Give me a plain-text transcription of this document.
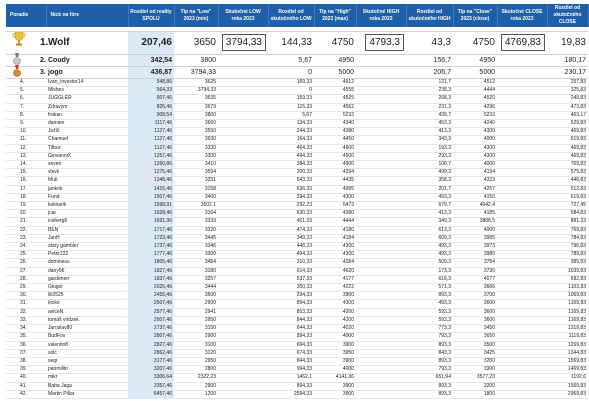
Poradie	Nick na fóre	Rozdiel od reality SPOLU	Tip na "Low" 2023 (min)	Skutočné LOW roka 2023	Rozdiel od skutočného LOW	Tip na "High" 2023 (max)	Skutočné HIGH roka 2023	Rozdiel od skutočného HIGH	Tip na "Close" 2023 (close)	Skutočné CLOSE roka 2023	Rozdiel od skutočného CLOSE

1.	Wolf	207,46	3650	3794,33	144,33	4750	4793,3	43,3	4750	4769,83	19,83

2.	Coudy	342,54	3800		5,67	4950		156,7	4950		180,17

3.	jogo	436,87	3794,33		0	5000		206,7	5000		230,17
4.	Ivan_investor14	548,86	3625		169,33	4912		121,7	4512		257,83
5.	Mishes	564,33	3794,33		0	4555		238,3	4444		325,83
6.	JUGGLER	607,46	3635		159,33	4525		268,3	4520		249,83
7.	Zdravym	826,46	3679		115,33	4562		231,3	4296		473,83
8.	frakan	908,54	3800		5,67	5233		439,7	5233		463,17
9.	damien	1117,46	3660		134,33	4340		453,3	4240		529,83
10.	Jožiš	1127,46	3550		244,33	4380		413,3	4300		469,83
11.	Chamuel	1127,46	3630		164,33	4450		343,3	4000		619,83
12.	Tilbur	1127,46	3330		464,33	4600		193,3	4300		469,83
13.	GiovanniX	1257,46	3300		494,33	4500		293,3	4300		469,83
14.	seven	1260,86	3410		384,33	4900		106,7	4000		769,83
15.	vlsvk	1275,46	3594		200,33	4294		499,3	4194		575,83
16.	Muti	1348,46	3251		543,33	4435		358,3	4323		446,83
17.	jankok	1415,46	3158		636,33	4995		201,7	4257		512,83
18.	Fund	1507,46	3400		394,33	4300		493,3	4150		619,83
19.	kolinarik	1598,91	3502,1		292,23	5473		679,7	4042,4		727,45
20.	jcar	1628,46	3164		630,33	4380		413,3	4185		584,83
21.	iceberg8	1691,96	3333		461,33	4444		349,3	3888,5		881,33
22.	BEN	1717,46	3320		474,33	4180		613,3	4000		769,83
23.	JanH	1723,46	3445		349,33	4184		609,3	3985		784,83
24.	stary gambler	1737,46	3346		448,33	4300		493,3	3973		796,83
25.	Peter222	1777,46	3300		494,33	4300		493,3	3980		789,83
26.	domineus	1805,46	3484		310,33	4284		509,3	3784		985,83
27.	dany96	1827,46	3180		614,33	4620		173,3	3730		1039,83
28.	gardenerr	1837,46	3257		537,33	4177		616,3	4077		692,83
29.	Glogol	2025,46	3444		350,33	4222		571,3	3666		1103,83
30.	lili2525	2455,46	3500		294,33	3900		893,3	3700		1069,83
31.	locke	2507,46	2900		894,33	4300		493,3	3600		1169,83
32.	aviceN	2577,46	2941		853,33	4200		593,3	3600		1169,83
33.	tomáš virdzek	2607,46	2950		844,33	4200		593,3	3600		1169,83
34.	Jaroslav80	2737,46	3150		644,33	4020		773,3	3450		1319,83
35.	BudFox	2807,46	2900		894,33	4000		793,3	3650		1119,83
36.	valentin8	2827,46	3100		694,33	3900		893,3	3500		1269,83
37.	solc	2862,46	3120		674,33	3950		843,3	3425		1344,83
38.	segi	3177,46	2950		844,33	3900		893,3	3200		1569,83
39.	panmilito	3207,46	2800		994,33	4000		793,3	3300		1469,83
40.	mikr	3306,64	2322,23		1462,1	4141,36		651,94	3577,23		1192,6
41.	Baba Jaga	3357,46	2900		894,33	3900		893,3	3200		1569,83
42.	Martin Pillar	6457,46	1200		2594,33	3900		893,3	1800		2969,83
